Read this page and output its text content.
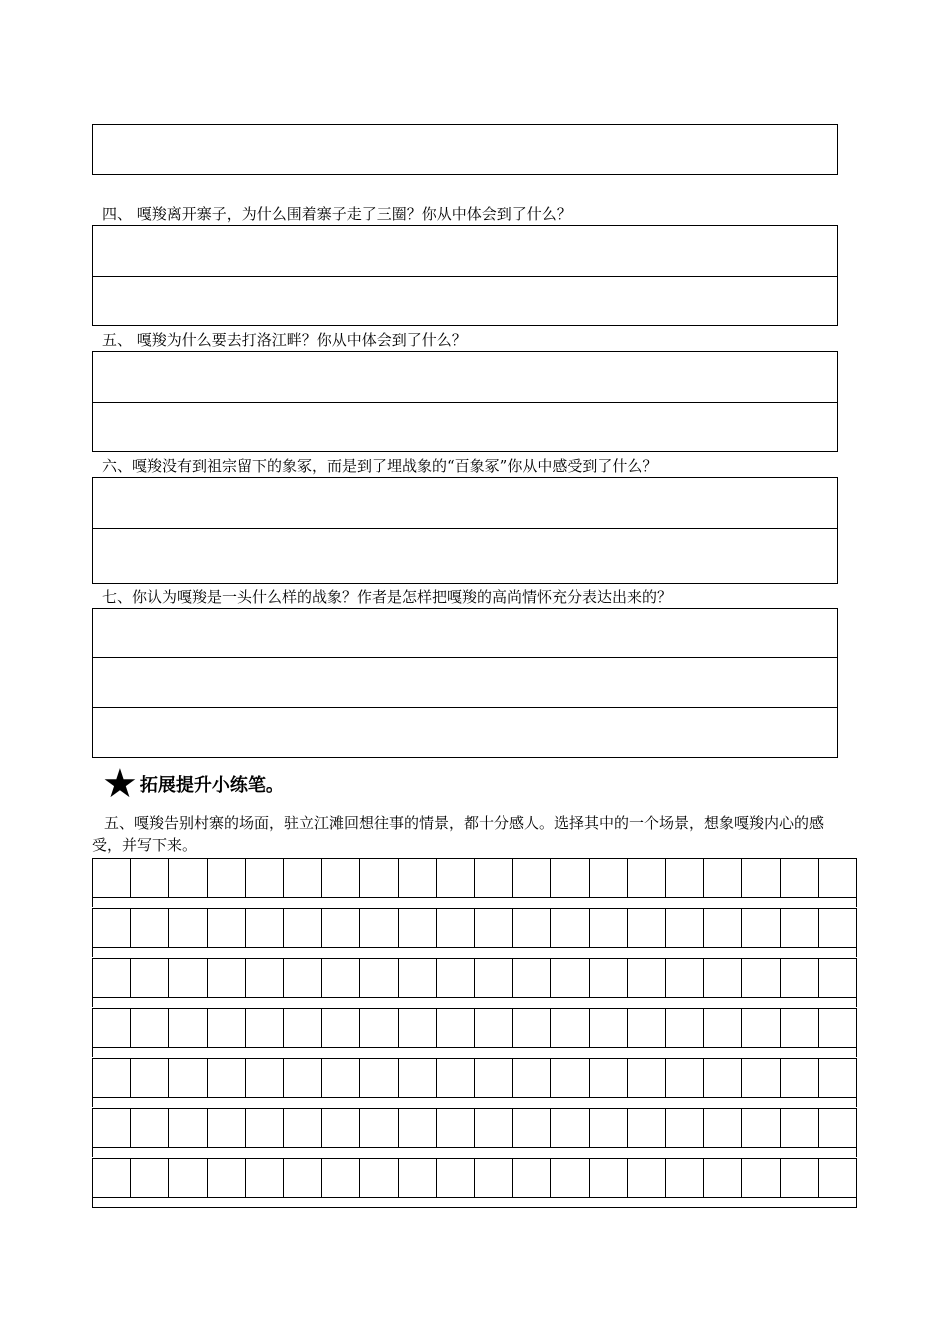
四、 嘎羧离开寨子，为什么围着寨子走了三圈？你从中体会到了什么？
五、 嘎羧为什么要去打洛江畔？你从中体会到了什么？
六、嘎羧没有到祖宗留下的象冢，而是到了埋战象的“百象冢”你从中感受到了什么？
七、你认为嘎羧是一头什么样的战象？作者是怎样把嘎羧的高尚情怀充分表达出来的？
★ 拓展提升小练笔。
五、嘎羧告别村寨的场面，驻立江滩回想往事的情景，都十分感人。选择其中的一个场景，想象嘎羧内心的感受，并写下来。
